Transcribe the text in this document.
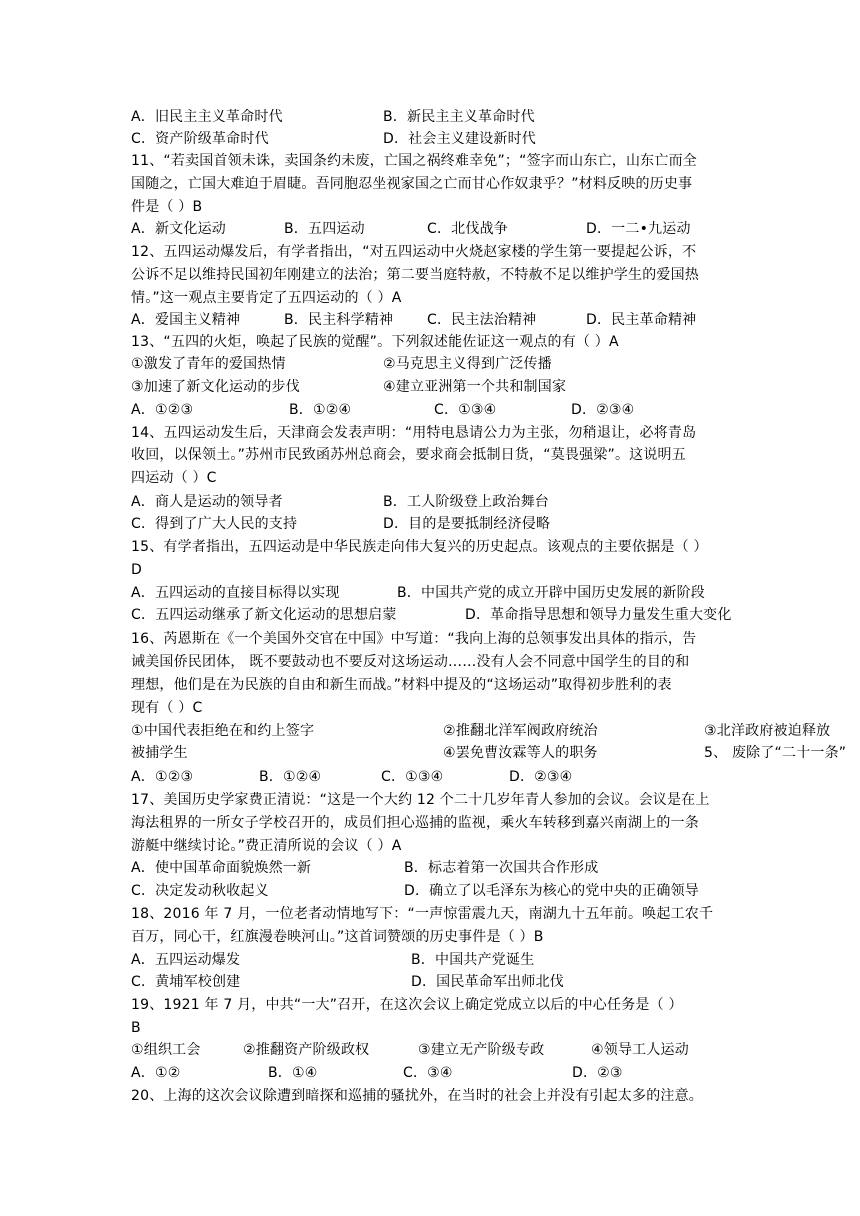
A．旧民主主义革命时代	B．新民主主义革命时代
C．资产阶级革命时代	D．社会主义建设新时代
11、“若卖国首领未诛，卖国条约未废，亡国之祸终难幸免”；“签字而山东亡，山东亡而全
国随之，亡国大难迫于眉睫。吾同胞忍坐视家国之亡而甘心作奴隶乎？”材料反映的历史事
件是（ ）B
A．新文化运动	B．五四运动	C．北伐战争	D．一二•九运动
12、五四运动爆发后，有学者指出，“对五四运动中火烧赵家楼的学生第一要提起公诉，不
公诉不足以维持民国初年刚建立的法治；第二要当庭特赦，不特赦不足以维护学生的爱国热
情。”这一观点主要肯定了五四运动的（ ）A
A．爱国主义精神	B．民主科学精神 C．民主法治精神	D．民主革命精神
13、“五四的火炬，唤起了民族的觉醒”。下列叙述能佐证这一观点的有（ ）A
①激发了青年的爱国热情	②马克思主义得到广泛传播
③加速了新文化运动的步伐	④建立亚洲第一个共和制国家
A．①②③	B．①②④	C．①③④	D．②③④
14、五四运动发生后，天津商会发表声明：“用特电恳请公力为主张，勿稍退让，必将青岛
收回，以保领土。”苏州市民致函苏州总商会，要求商会抵制日货，“莫畏强梁”。这说明五
四运动（ ）C
A．商人是运动的领导者	B．工人阶级登上政治舞台
C．得到了广大人民的支持	D．目的是要抵制经济侵略
15、有学者指出，五四运动是中华民族走向伟大复兴的历史起点。该观点的主要依据是（ ）
D
A．五四运动的直接目标得以实现	B．中国共产党的成立开辟中国历史发展的新阶段
C．五四运动继承了新文化运动的思想启蒙	D．革命指导思想和领导力量发生重大变化
16、芮恩斯在《一个美国外交官在中国》中写道：“我向上海的总领事发出具体的指示，告
诫美国侨民团体， 既不要鼓动也不要反对这场运动……没有人会不同意中国学生的目的和
理想，他们是在为民族的自由和新生而战。”材料中提及的“这场运动”取得初步胜利的表
现有（ ）C
①中国代表拒绝在和约上签字	②推翻北洋军阀政府统治	③北洋政府被迫释放
被捕学生	④罢免曹汝霖等人的职务	5、 废除了“二十一条”
A．①②③	B．①②④	C．①③④	D．②③④
17、美国历史学家费正清说：“这是一个大约 12 个二十几岁年青人参加的会议。会议是在上
海法租界的一所女子学校召开的，成员们担心巡捕的监视，乘火车转移到嘉兴南湖上的一条
游艇中继续讨论。”费正清所说的会议（ ）A
A．使中国革命面貌焕然一新	B．标志着第一次国共合作形成
C．决定发动秋收起义	D．确立了以毛泽东为核心的党中央的正确领导
18、2016 年 7 月，一位老者动情地写下：“一声惊雷震九天，南湖九十五年前。唤起工农千
百万，同心干，红旗漫卷映河山。”这首词赞颂的历史事件是（ ）B
A．五四运动爆发	B．中国共产党诞生
C．黄埔军校创建	D．国民革命军出师北伐
19、1921 年 7 月，中共“一大”召开，在这次会议上确定党成立以后的中心任务是（ ）
B
①组织工会	②推翻资产阶级政权	③建立无产阶级专政	④领导工人运动
A．①②	B．①④	C．③④	D．②③
20、上海的这次会议除遭到暗探和巡捕的骚扰外，在当时的社会上并没有引起太多的注意。
